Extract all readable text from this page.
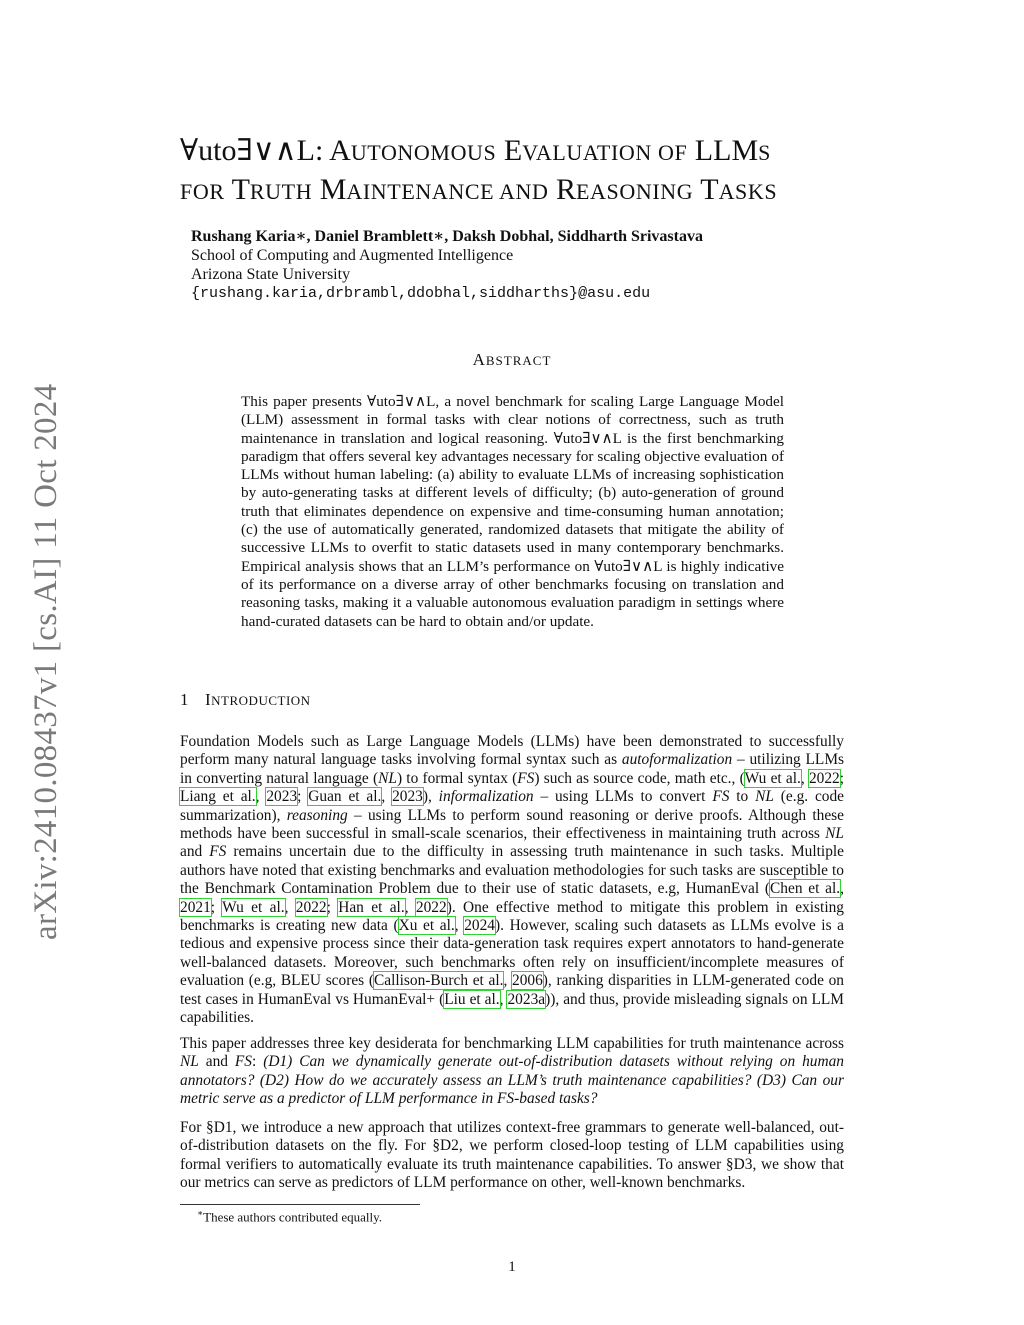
arXiv:2410.08437v1 [cs.AI] 11 Oct 2024
∀uto∃∨∧L: AUTONOMOUS EVALUATION OF LLMS
FOR TRUTH MAINTENANCE AND REASONING TASKS
Rushang Karia∗, Daniel Bramblett∗, Daksh Dobhal, Siddharth Srivastava
School of Computing and Augmented Intelligence
Arizona State University
{rushang.karia,drbrambl,ddobhal,siddharths}@asu.edu
ABSTRACT
This paper presents ∀uto∃∨∧L, a novel benchmark for scaling Large Language Model (LLM) assessment in formal tasks with clear notions of correctness, such as truth maintenance in translation and logical reasoning. ∀uto∃∨∧L is the first benchmarking paradigm that offers several key advantages necessary for scaling objective evaluation of LLMs without human labeling: (a) ability to evaluate LLMs of increasing sophistication by auto-generating tasks at different levels of difficulty; (b) auto-generation of ground truth that eliminates dependence on expensive and time-consuming human annotation; (c) the use of automatically generated, randomized datasets that mitigate the ability of successive LLMs to overfit to static datasets used in many contemporary benchmarks. Empirical analysis shows that an LLM’s performance on ∀uto∃∨∧L is highly indicative of its performance on a diverse array of other benchmarks focusing on translation and reasoning tasks, making it a valuable autonomous evaluation paradigm in settings where hand-curated datasets can be hard to obtain and/or update.
1 INTRODUCTION
Foundation Models such as Large Language Models (LLMs) have been demonstrated to successfully perform many natural language tasks involving formal syntax such as autoformalization – utilizing LLMs in converting natural language (NL) to formal syntax (FS) such as source code, math etc., (Wu et al., 2022; Liang et al., 2023; Guan et al., 2023), informalization – using LLMs to convert FS to NL (e.g. code summarization), reasoning – using LLMs to perform sound reasoning or derive proofs. Although these methods have been successful in small-scale scenarios, their effectiveness in maintaining truth across NL and FS remains uncertain due to the difficulty in assessing truth maintenance in such tasks. Multiple authors have noted that existing benchmarks and evaluation methodologies for such tasks are susceptible to the Benchmark Contamination Problem due to their use of static datasets, e.g, HumanEval (Chen et al., 2021; Wu et al., 2022; Han et al., 2022). One effective method to mitigate this problem in existing benchmarks is creating new data (Xu et al., 2024). However, scaling such datasets as LLMs evolve is a tedious and expensive process since their data-generation task requires expert annotators to hand-generate well-balanced datasets. Moreover, such benchmarks often rely on insufficient/incomplete measures of evaluation (e.g, BLEU scores (Callison-Burch et al., 2006), ranking disparities in LLM-generated code on test cases in HumanEval vs HumanEval+ (Liu et al., 2023a)), and thus, provide misleading signals on LLM capabilities.
This paper addresses three key desiderata for benchmarking LLM capabilities for truth maintenance across NL and FS: (D1) Can we dynamically generate out-of-distribution datasets without relying on human annotators? (D2) How do we accurately assess an LLM’s truth maintenance capabilities? (D3) Can our metric serve as a predictor of LLM performance in FS-based tasks?
For §D1, we introduce a new approach that utilizes context-free grammars to generate well-balanced, out-of-distribution datasets on the fly. For §D2, we perform closed-loop testing of LLM capabilities using formal verifiers to automatically evaluate its truth maintenance capabilities. To answer §D3, we show that our metrics can serve as predictors of LLM performance on other, well-known benchmarks.
∗These authors contributed equally.
1
